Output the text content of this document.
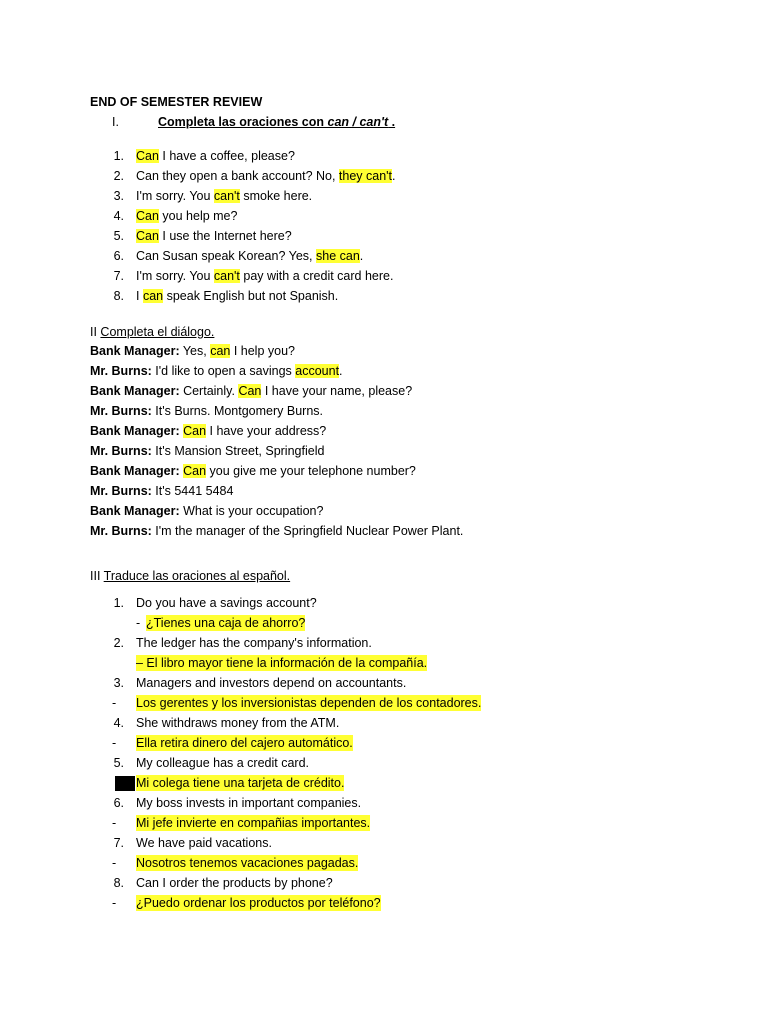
END OF SEMESTER REVIEW
I.	Completa las oraciones con can / can't .
1. Can I have a coffee, please?
2. Can they open a bank account? No, they can't.
3. I'm sorry. You can't smoke here.
4. Can you help me?
5. Can I use the Internet here?
6. Can Susan speak Korean? Yes, she can.
7. I'm sorry. You can't pay with a credit card here.
8. I can speak English but not Spanish.
II Completa el diálogo.
Bank Manager: Yes, can I help you?
Mr. Burns: I'd like to open a savings account.
Bank Manager: Certainly. Can I have your name, please?
Mr. Burns: It's Burns. Montgomery Burns.
Bank Manager: Can I have your address?
Mr. Burns: It's Mansion Street, Springfield
Bank Manager: Can you give me your telephone number?
Mr. Burns: It's 5441 5484
Bank Manager: What is your occupation?
Mr. Burns: I'm the manager of the Springfield Nuclear Power Plant.
III Traduce las oraciones al español.
1. Do you have a savings account?
- ¿Tienes una caja de ahorro?
2. The ledger has the company's information.
– El libro mayor tiene la información de la compañía.
3. Managers and investors depend on accountants.
- Los gerentes y los inversionistas dependen de los contadores.
4. She withdraws money from the ATM.
- Ella retira dinero del cajero automático.
5. My colleague has a credit card.
Mi colega tiene una tarjeta de crédito.
6. My boss invests in important companies.
- Mi jefe invierte en compañias importantes.
7. We have paid vacations.
- Nosotros tenemos vacaciones pagadas.
8. Can I order the products by phone?
- ¿Puedo ordenar los productos por teléfono?
